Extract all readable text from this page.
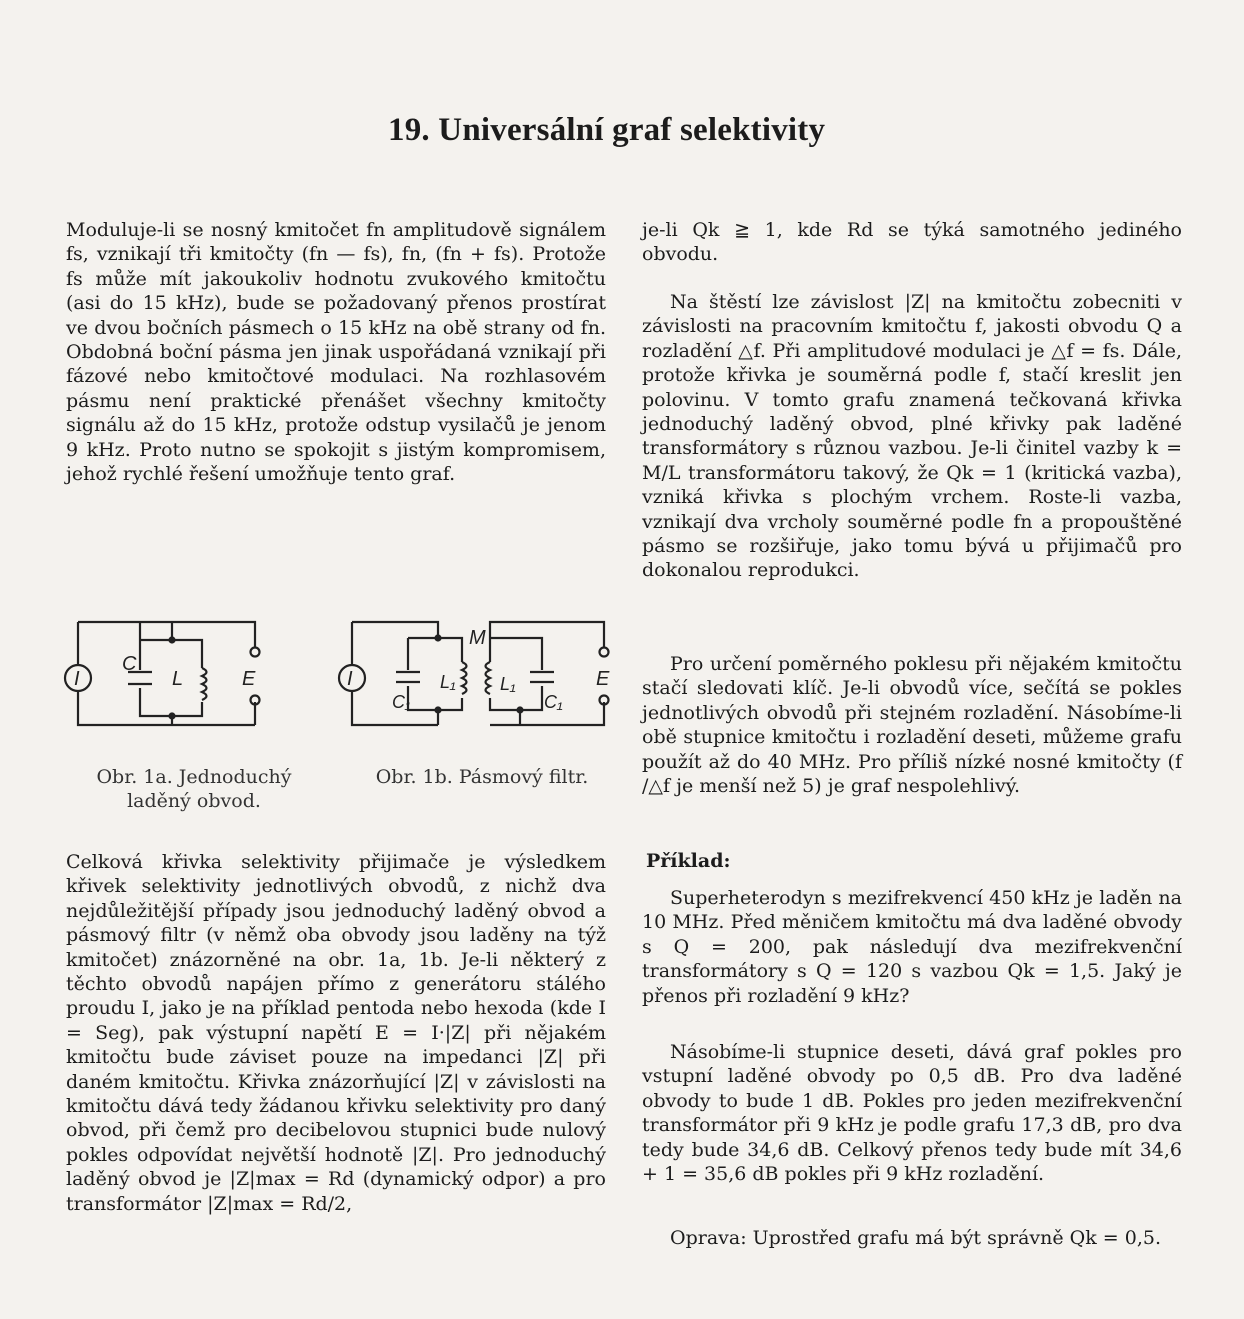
19. Universální graf selektivity

Moduluje-li se nosný kmitočet fn amplitudově signálem fs, vznikají tři kmitočty (fn — fs), fn, (fn + fs). Protože fs může mít jakoukoliv hodnotu zvukového kmitočtu (asi do 15 kHz), bude se požadovaný přenos prostírat ve dvou bočních pásmech o 15 kHz na obě strany od fn. Obdobná boční pásma jen jinak uspořádaná vznikají při fázové nebo kmitočtové modulaci. Na rozhlasovém pásmu není praktické přenášet všechny kmitočty signálu až do 15 kHz, protože odstup vysilačů je jenom 9 kHz. Proto nutno se spokojit s jistým kompromisem, jehož rychlé řešení umožňuje tento graf.

I
C
L	E	I
M
C₁
L₁ L₁
C₁
E
Obr. 1a. Jednoduchý laděný obvod.
Obr. 1b. Pásmový filtr.

Celková křivka selektivity přijimače je výsledkem křivek selektivity jednotlivých obvodů, z nichž dva nejdůležitější případy jsou jednoduchý laděný obvod a pásmový filtr (v němž oba obvody jsou laděny na týž kmitočet) znázorněné na obr. 1a, 1b. Je-li některý z těchto obvodů napájen přímo z generátoru stálého proudu I, jako je na příklad pentoda nebo hexoda (kde I = Seg), pak výstupní napětí E = I·|Z| při nějakém kmitočtu bude záviset pouze na impedanci |Z| při daném kmitočtu. Křivka znázorňující |Z| v závislosti na kmitočtu dává tedy žádanou křivku selektivity pro daný obvod, při čemž pro decibelovou stupnici bude nulový pokles odpovídat největší hodnotě |Z|. Pro jednoduchý laděný obvod je |Z|max = Rd (dynamický odpor) a pro transformátor |Z|max = Rd/2,

je-li Qk ≧ 1, kde Rd se týká samotného jediného obvodu.

Na štěstí lze závislost |Z| na kmitočtu zobecniti v závislosti na pracovním kmitočtu f, jakosti obvodu Q a rozladění △f. Při amplitudové modulaci je △f = fs. Dále, protože křivka je souměrná podle f, stačí kreslit jen polovinu. V tomto grafu znamená tečkovaná křivka jednoduchý laděný obvod, plné křivky pak laděné transformátory s různou vazbou. Je-li činitel vazby k = M/L transformátoru takový, že Qk = 1 (kritická vazba), vzniká křivka s plochým vrchem. Roste-li vazba, vznikají dva vrcholy souměrné podle fn a propouštěné pásmo se rozšiřuje, jako tomu bývá u přijimačů pro dokonalou reprodukci.

Pro určení poměrného poklesu při nějakém kmitočtu stačí sledovati klíč. Je-li obvodů více, sečítá se pokles jednotlivých obvodů při stejném rozladění. Násobíme-li obě stupnice kmitočtu i rozladění deseti, můžeme grafu použít až do 40 MHz. Pro příliš nízké nosné kmitočty (f /△f je menší než 5) je graf nespolehlivý.

Příklad:

Superheterodyn s mezifrekvencí 450 kHz je laděn na 10 MHz. Před měničem kmitočtu má dva laděné obvody s Q = 200, pak následují dva mezifrekvenční transformátory s Q = 120 s vazbou Qk = 1,5. Jaký je přenos při rozladění 9 kHz?

Násobíme-li stupnice deseti, dává graf pokles pro vstupní laděné obvody po 0,5 dB. Pro dva laděné obvody to bude 1 dB. Pokles pro jeden mezifrekvenční transformátor při 9 kHz je podle grafu 17,3 dB, pro dva tedy bude 34,6 dB. Celkový přenos tedy bude mít 34,6 + 1 = 35,6 dB pokles při 9 kHz rozladění.

Oprava: Uprostřed grafu má být správně Qk = 0,5.
